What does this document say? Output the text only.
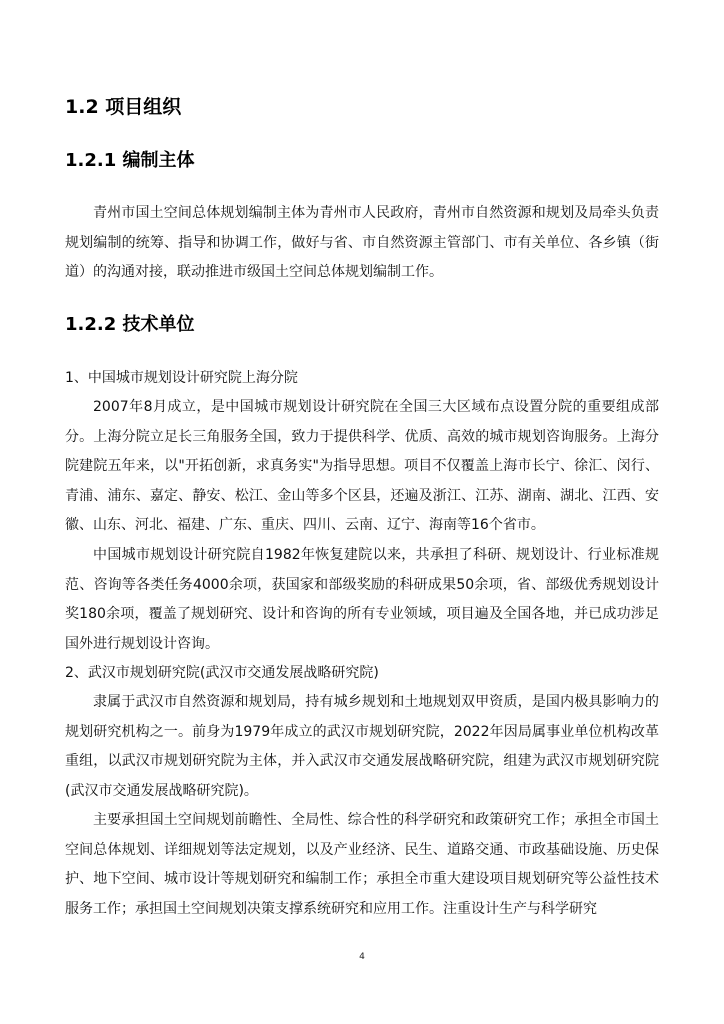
1.2 项目组织
1.2.1 编制主体

青州市国土空间总体规划编制主体为青州市人民政府，青州市自然资源和规划及局牵头负责规划编制的统筹、指导和协调工作，做好与省、市自然资源主管部门、市有关单位、各乡镇（街道）的沟通对接，联动推进市级国土空间总体规划编制工作。

1.2.2 技术单位

1、中国城市规划设计研究院上海分院

2007年8月成立，是中国城市规划设计研究院在全国三大区域布点设置分院的重要组成部分。上海分院立足长三角服务全国，致力于提供科学、优质、高效的城市规划咨询服务。上海分院建院五年来，以"开拓创新，求真务实"为指导思想。项目不仅覆盖上海市长宁、徐汇、闵行、青浦、浦东、嘉定、静安、松江、金山等多个区县，还遍及浙江、江苏、湖南、湖北、江西、安徽、山东、河北、福建、广东、重庆、四川、云南、辽宁、海南等16个省市。

中国城市规划设计研究院自1982年恢复建院以来，共承担了科研、规划设计、行业标准规范、咨询等各类任务4000余项，获国家和部级奖励的科研成果50余项，省、部级优秀规划设计奖180余项，覆盖了规划研究、设计和咨询的所有专业领域，项目遍及全国各地，并已成功涉足国外进行规划设计咨询。

2、武汉市规划研究院(武汉市交通发展战略研究院)

隶属于武汉市自然资源和规划局，持有城乡规划和土地规划双甲资质，是国内极具影响力的规划研究机构之一。前身为1979年成立的武汉市规划研究院，2022年因局属事业单位机构改革重组，以武汉市规划研究院为主体，并入武汉市交通发展战略研究院，组建为武汉市规划研究院(武汉市交通发展战略研究院)。

主要承担国土空间规划前瞻性、全局性、综合性的科学研究和政策研究工作；承担全市国土空间总体规划、详细规划等法定规划，以及产业经济、民生、道路交通、市政基础设施、历史保护、地下空间、城市设计等规划研究和编制工作；承担全市重大建设项目规划研究等公益性技术服务工作；承担国土空间规划决策支撑系统研究和应用工作。注重设计生产与科学研究

4
